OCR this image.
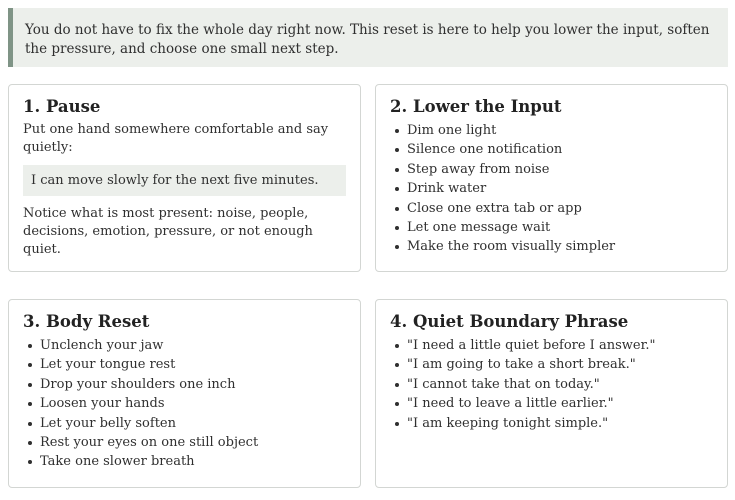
You do not have to fix the whole day right now. This reset is here to help you lower the input, soften the pressure, and choose one small next step.
1. Pause

Put one hand somewhere comfortable and say quietly:

I can move slowly for the next five minutes.

Notice what is most present: noise, people, decisions, emotion, pressure, or not enough quiet.

2. Lower the Input
Dim one light
Silence one notification
Step away from noise
Drink water
Close one extra tab or app
Let one message wait
Make the room visually simpler
3. Body Reset
Unclench your jaw
Let your tongue rest
Drop your shoulders one inch
Loosen your hands
Let your belly soften
Rest your eyes on one still object
Take one slower breath
4. Quiet Boundary Phrase
"I need a little quiet before I answer."
"I am going to take a short break."
"I cannot take that on today."
"I need to leave a little earlier."
"I am keeping tonight simple."
